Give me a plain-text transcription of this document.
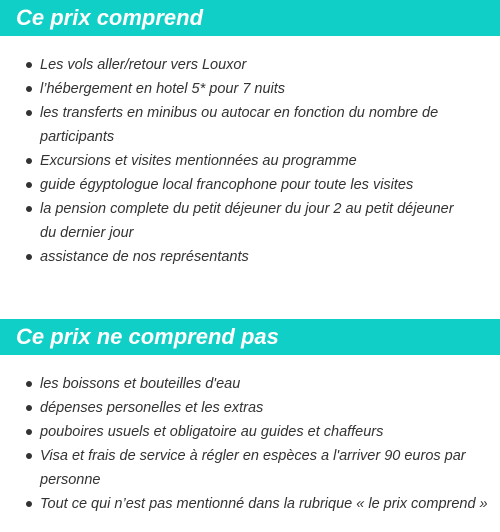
Ce prix comprend
Les vols aller/retour vers Louxor
l’hébergement en hotel 5* pour 7 nuits
les transferts en minibus ou autocar en fonction du nombre de participants
Excursions et visites mentionnées au programme
guide égyptologue local francophone pour toute les visites
la pension complete du petit déjeuner du jour 2 au petit déjeuner du dernier jour
assistance de nos représentants
Ce prix ne comprend pas
les boissons et bouteilles d'eau
dépenses personelles et les extras
pouboires usuels et obligatoire au guides et chaffeurs
Visa et frais de service à régler en espèces a l'arriver 90 euros par personne
Tout ce qui n’est pas mentionné dans la rubrique « le prix comprend »
